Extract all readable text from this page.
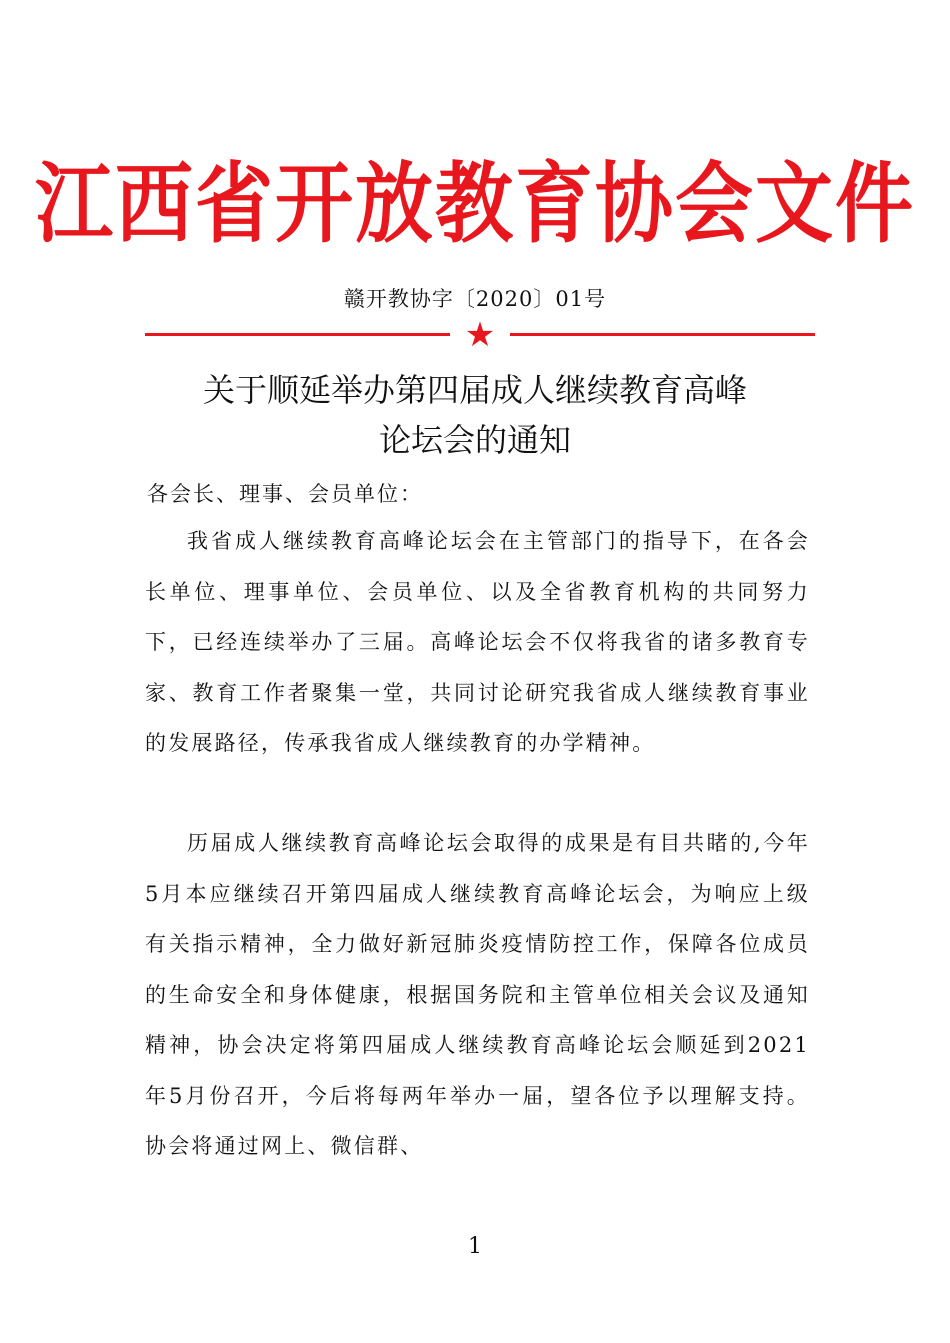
江西省开放教育协会文件
赣开教协字〔2020〕01号
★
关于顺延举办第四届成人继续教育高峰
论坛会的通知
各会长、理事、会员单位：

我省成人继续教育高峰论坛会在主管部门的指导下，在各会长单位、理事单位、会员单位、以及全省教育机构的共同努力下，已经连续举办了三届。高峰论坛会不仅将我省的诸多教育专家、教育工作者聚集一堂，共同讨论研究我省成人继续教育事业的发展路径，传承我省成人继续教育的办学精神。

历届成人继续教育高峰论坛会取得的成果是有目共睹的,今年5月本应继续召开第四届成人继续教育高峰论坛会，为响应上级有关指示精神，全力做好新冠肺炎疫情防控工作，保障各位成员的生命安全和身体健康，根据国务院和主管单位相关会议及通知精神，协会决定将第四届成人继续教育高峰论坛会顺延到2021年5月份召开，今后将每两年举办一届，望各位予以理解支持。协会将通过网上、微信群、

1
